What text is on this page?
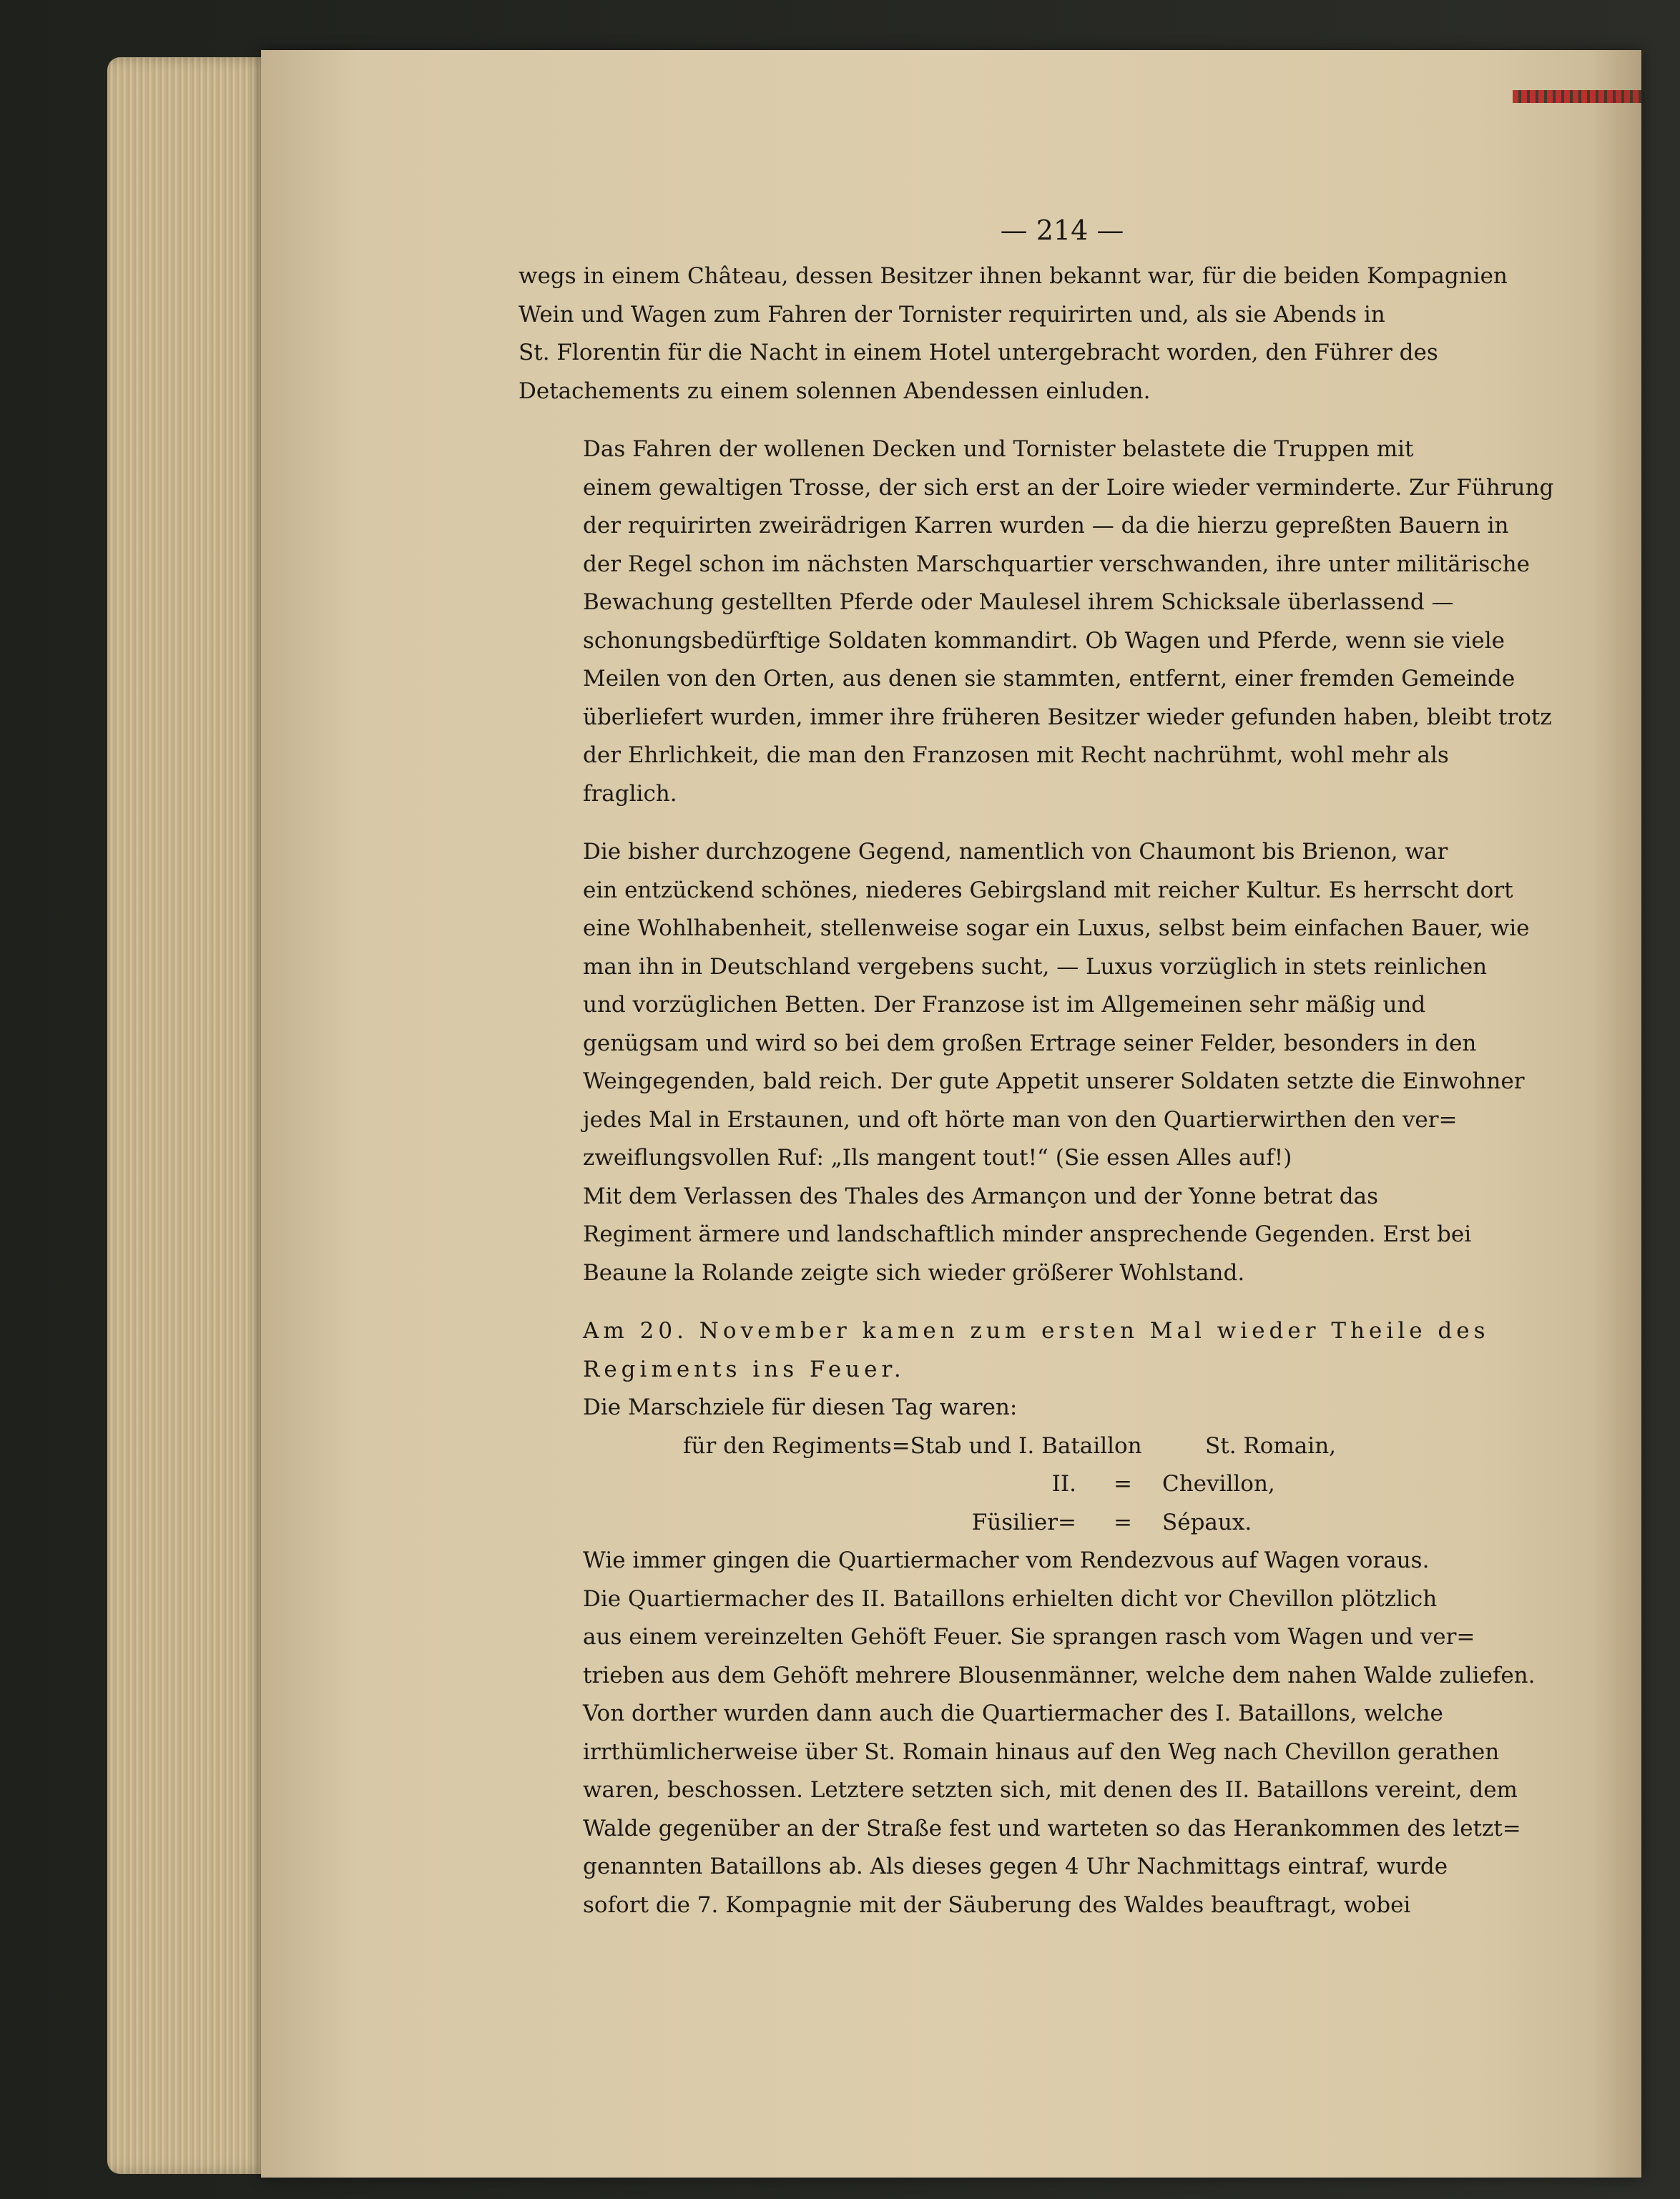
— 214 —

wegs in einem Château, dessen Besitzer ihnen bekannt war, für die beiden Kompagnien
Wein und Wagen zum Fahren der Tornister requirirten und, als sie Abends in
St. Florentin für die Nacht in einem Hotel untergebracht worden, den Führer des
Detachements zu einem solennen Abendessen einluden.

Das Fahren der wollenen Decken und Tornister belastete die Truppen mit
einem gewaltigen Trosse, der sich erst an der Loire wieder verminderte. Zur Führung
der requirirten zweirädrigen Karren wurden — da die hierzu gepreßten Bauern in
der Regel schon im nächsten Marschquartier verschwanden, ihre unter militärische
Bewachung gestellten Pferde oder Maulesel ihrem Schicksale überlassend —
schonungsbedürftige Soldaten kommandirt. Ob Wagen und Pferde, wenn sie viele
Meilen von den Orten, aus denen sie stammten, entfernt, einer fremden Gemeinde
überliefert wurden, immer ihre früheren Besitzer wieder gefunden haben, bleibt trotz
der Ehrlichkeit, die man den Franzosen mit Recht nachrühmt, wohl mehr als
fraglich.

Die bisher durchzogene Gegend, namentlich von Chaumont bis Brienon, war
ein entzückend schönes, niederes Gebirgsland mit reicher Kultur. Es herrscht dort
eine Wohlhabenheit, stellenweise sogar ein Luxus, selbst beim einfachen Bauer, wie
man ihn in Deutschland vergebens sucht, — Luxus vorzüglich in stets reinlichen
und vorzüglichen Betten. Der Franzose ist im Allgemeinen sehr mäßig und
genügsam und wird so bei dem großen Ertrage seiner Felder, besonders in den
Weingegenden, bald reich. Der gute Appetit unserer Soldaten setzte die Einwohner
jedes Mal in Erstaunen, und oft hörte man von den Quartierwirthen den ver=
zweiflungsvollen Ruf: „Ils mangent tout!“ (Sie essen Alles auf!)

Mit dem Verlassen des Thales des Armançon und der Yonne betrat das
Regiment ärmere und landschaftlich minder ansprechende Gegenden. Erst bei
Beaune la Rolande zeigte sich wieder größerer Wohlstand.

Am 20. November kamen zum ersten Mal wieder Theile des
Regiments ins Feuer.

Die Marschziele für diesen Tag waren:

für den Regiments=Stab und I. Bataillon	St. Romain,
II.	=	Chevillon,
Füsilier=	=	Sépaux.

Wie immer gingen die Quartiermacher vom Rendezvous auf Wagen voraus.
Die Quartiermacher des II. Bataillons erhielten dicht vor Chevillon plötzlich
aus einem vereinzelten Gehöft Feuer. Sie sprangen rasch vom Wagen und ver=
trieben aus dem Gehöft mehrere Blousenmänner, welche dem nahen Walde zuliefen.
Von dorther wurden dann auch die Quartiermacher des I. Bataillons, welche
irrthümlicherweise über St. Romain hinaus auf den Weg nach Chevillon gerathen
waren, beschossen. Letztere setzten sich, mit denen des II. Bataillons vereint, dem
Walde gegenüber an der Straße fest und warteten so das Herankommen des letzt=
genannten Bataillons ab. Als dieses gegen 4 Uhr Nachmittags eintraf, wurde
sofort die 7. Kompagnie mit der Säuberung des Waldes beauftragt, wobei
